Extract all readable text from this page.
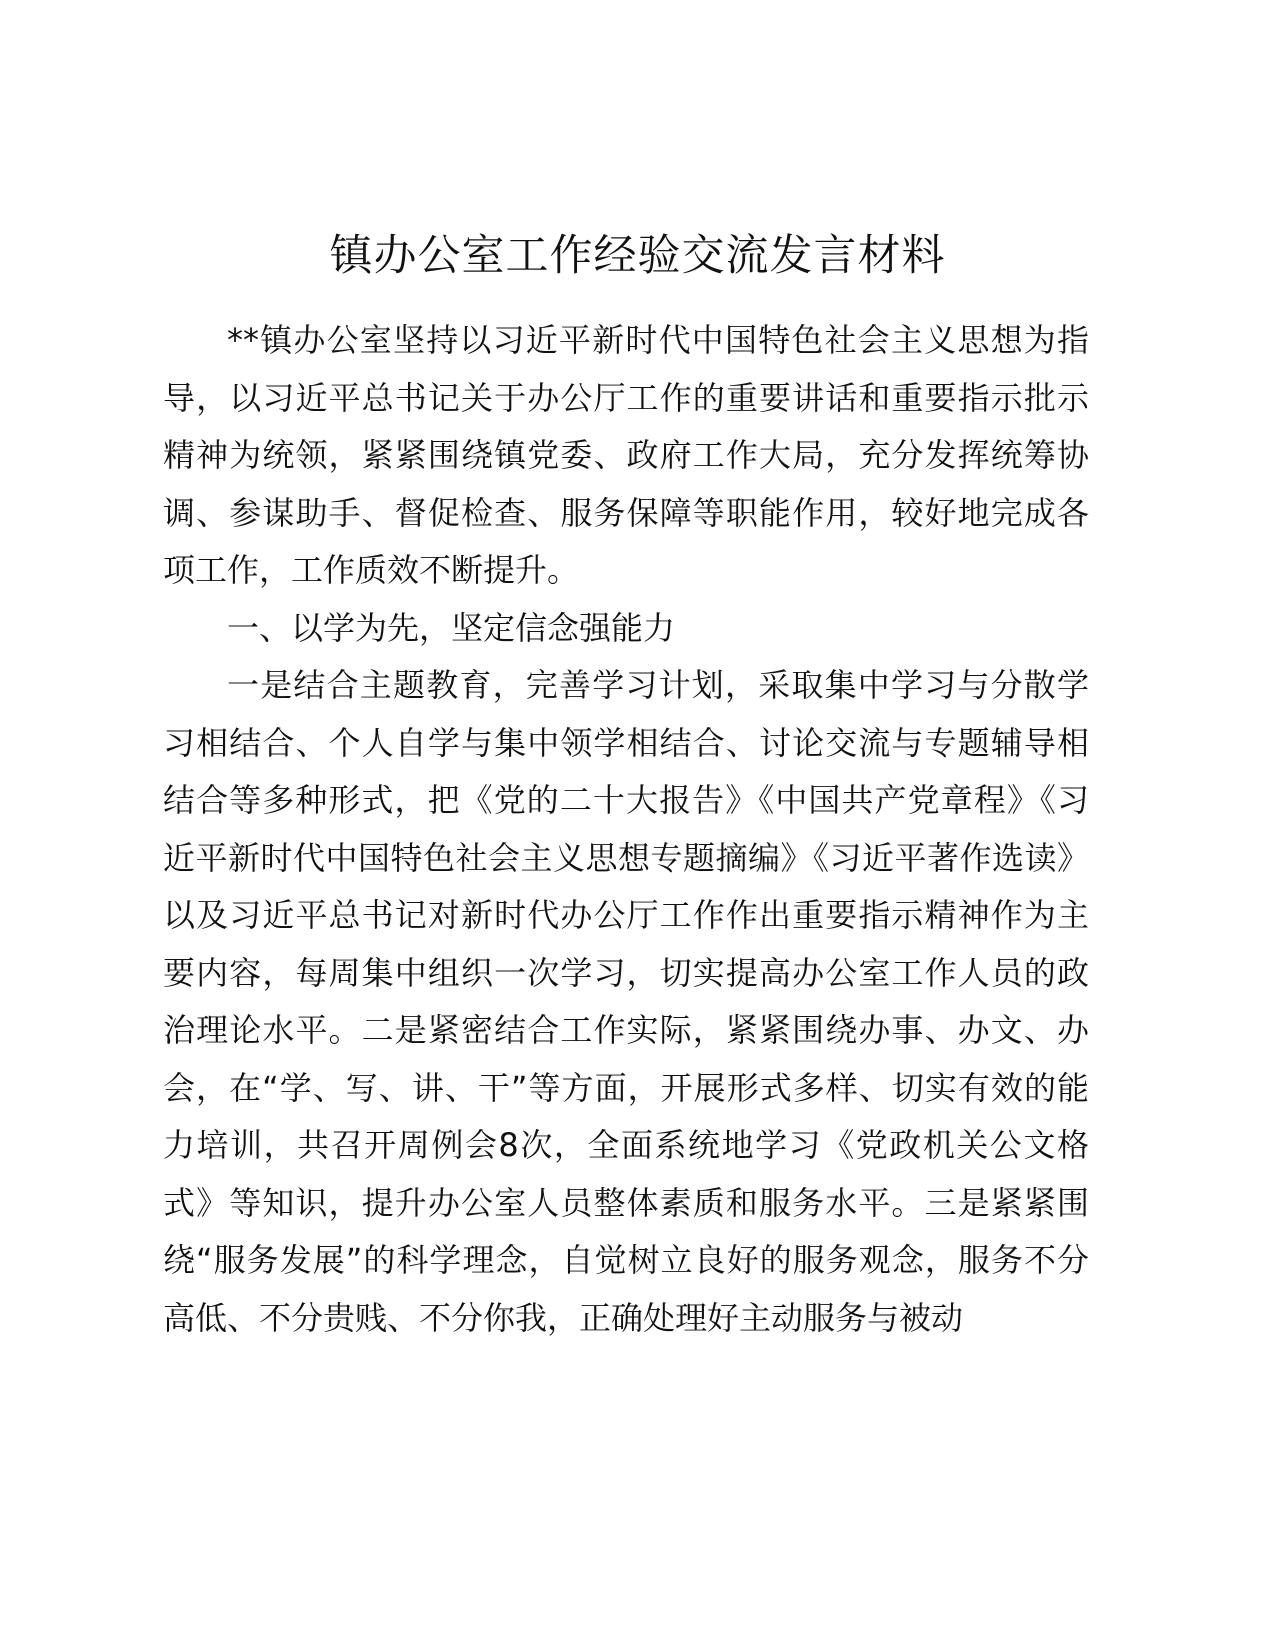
镇办公室工作经验交流发言材料

**镇办公室坚持以习近平新时代中国特色社会主义思想为指导，以习近平总书记关于办公厅工作的重要讲话和重要指示批示精神为统领，紧紧围绕镇党委、政府工作大局，充分发挥统筹协调、参谋助手、督促检查、服务保障等职能作用，较好地完成各项工作，工作质效不断提升。

一、以学为先，坚定信念强能力

一是结合主题教育，完善学习计划，采取集中学习与分散学习相结合、个人自学与集中领学相结合、讨论交流与专题辅导相结合等多种形式，把《党的二十大报告》《中国共产党章程》《习近平新时代中国特色社会主义思想专题摘编》《习近平著作选读》以及习近平总书记对新时代办公厅工作作出重要指示精神作为主要内容，每周集中组织一次学习，切实提高办公室工作人员的政治理论水平。二是紧密结合工作实际，紧紧围绕办事、办文、办会，在“学、写、讲、干”等方面，开展形式多样、切实有效的能力培训，共召开周例会8次，全面系统地学习《党政机关公文格式》等知识，提升办公室人员整体素质和服务水平。三是紧紧围绕“服务发展”的科学理念，自觉树立良好的服务观念，服务不分高低、不分贵贱、不分你我，正确处理好主动服务与被动
